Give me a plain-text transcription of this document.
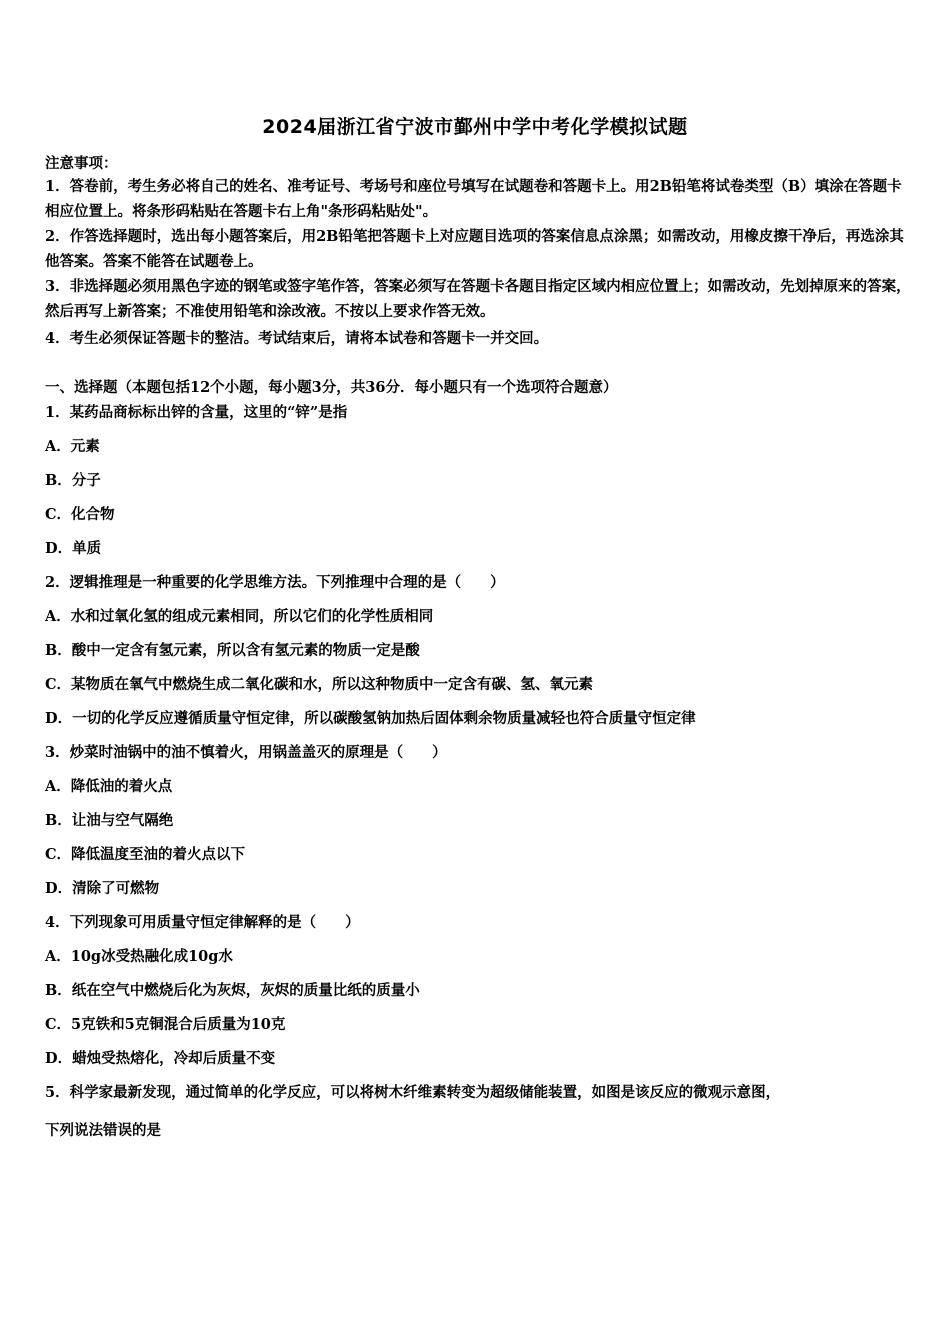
2024届浙江省宁波市鄞州中学中考化学模拟试题
注意事项：
1．答卷前，考生务必将自己的姓名、准考证号、考场号和座位号填写在试题卷和答题卡上。用2B铅笔将试卷类型（B）填涂在答题卡相应位置上。将条形码粘贴在答题卡右上角"条形码粘贴处"。
2．作答选择题时，选出每小题答案后，用2B铅笔把答题卡上对应题目选项的答案信息点涂黑；如需改动，用橡皮擦干净后，再选涂其他答案。答案不能答在试题卷上。
3．非选择题必须用黑色字迹的钢笔或签字笔作答，答案必须写在答题卡各题目指定区域内相应位置上；如需改动，先划掉原来的答案，然后再写上新答案；不准使用铅笔和涂改液。不按以上要求作答无效。
4．考生必须保证答题卡的整洁。考试结束后，请将本试卷和答题卡一并交回。
一、选择题（本题包括12个小题，每小题3分，共36分．每小题只有一个选项符合题意）
1．某药品商标标出锌的含量，这里的“锌”是指
A．元素
B．分子
C．化合物
D．单质
2．逻辑推理是一种重要的化学思维方法。下列推理中合理的是（　　）
A．水和过氧化氢的组成元素相同，所以它们的化学性质相同
B．酸中一定含有氢元素，所以含有氢元素的物质一定是酸
C．某物质在氧气中燃烧生成二氧化碳和水，所以这种物质中一定含有碳、氢、氧元素
D．一切的化学反应遵循质量守恒定律，所以碳酸氢钠加热后固体剩余物质量减轻也符合质量守恒定律
3．炒菜时油锅中的油不慎着火，用锅盖盖灭的原理是（　　）
A．降低油的着火点
B．让油与空气隔绝
C．降低温度至油的着火点以下
D．清除了可燃物
4．下列现象可用质量守恒定律解释的是（　　）
A．10g冰受热融化成10g水
B．纸在空气中燃烧后化为灰烬，灰烬的质量比纸的质量小
C．5克铁和5克铜混合后质量为10克
D．蜡烛受热熔化，冷却后质量不变
5．科学家最新发现，通过简单的化学反应，可以将树木纤维素转变为超级储能装置，如图是该反应的微观示意图，
下列说法错误的是
